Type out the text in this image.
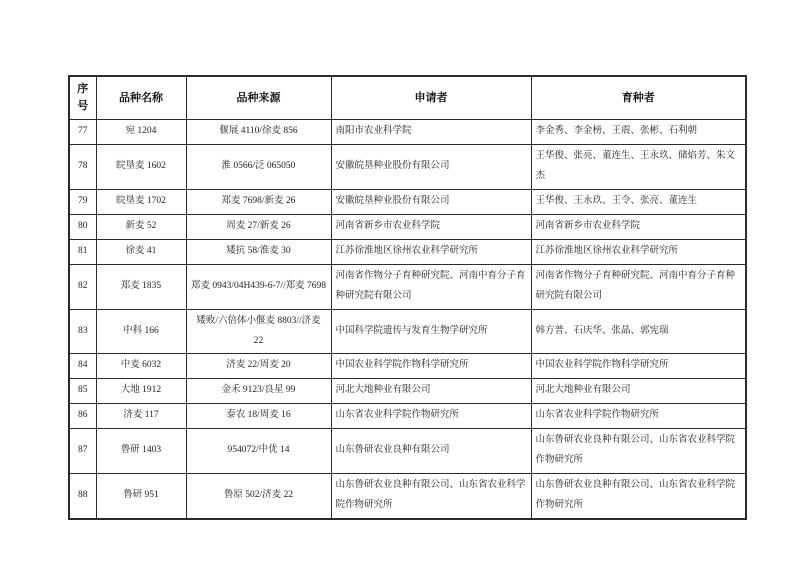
序号	品种名称	品种来源	申请者	育种者
77	宛 1204	偃展 4110/徐麦 856	南阳市农业科学院	李金秀、李金榜、王震、张彬、石利朝
78	皖垦麦 1602	淮 0566/泛 065050	安徽皖垦种业股份有限公司	王华俊、张亮、董连生、王永玖、储焰芳、朱文杰
79	皖垦麦 1702	郑麦 7698/新麦 26	安徽皖垦种业股份有限公司	王华俊、王永玖、王令、张亮、董连生
80	新麦 52	周麦 27/新麦 26	河南省新乡市农业科学院	河南省新乡市农业科学院
81	徐麦 41	矮抗 58/淮麦 30	江苏徐淮地区徐州农业科学研究所	江苏徐淮地区徐州农业科学研究所
82	郑麦 1835	郑麦 0943/04H439-6-7//郑麦 7698	河南省作物分子育种研究院、河南中育分子育种研究院有限公司	河南省作物分子育种研究院、河南中育分子育种研究院有限公司
83	中科 166	矮败/六倍体小偃麦 8803//济麦 22	中国科学院遗传与发育生物学研究所	韩方普、石庆华、张晶、郭宪瑞
84	中麦 6032	济麦 22/周麦 20	中国农业科学院作物科学研究所	中国农业科学院作物科学研究所
85	大地 1912	金禾 9123/良星 99	河北大地种业有限公司	河北大地种业有限公司
86	济麦 117	泰农 18/周麦 16	山东省农业科学院作物研究所	山东省农业科学院作物研究所
87	鲁研 1403	954072/中优 14	山东鲁研农业良种有限公司	山东鲁研农业良种有限公司、山东省农业科学院作物研究所
88	鲁研 951	鲁原 502/济麦 22	山东鲁研农业良种有限公司、山东省农业科学院作物研究所	山东鲁研农业良种有限公司、山东省农业科学院作物研究所
